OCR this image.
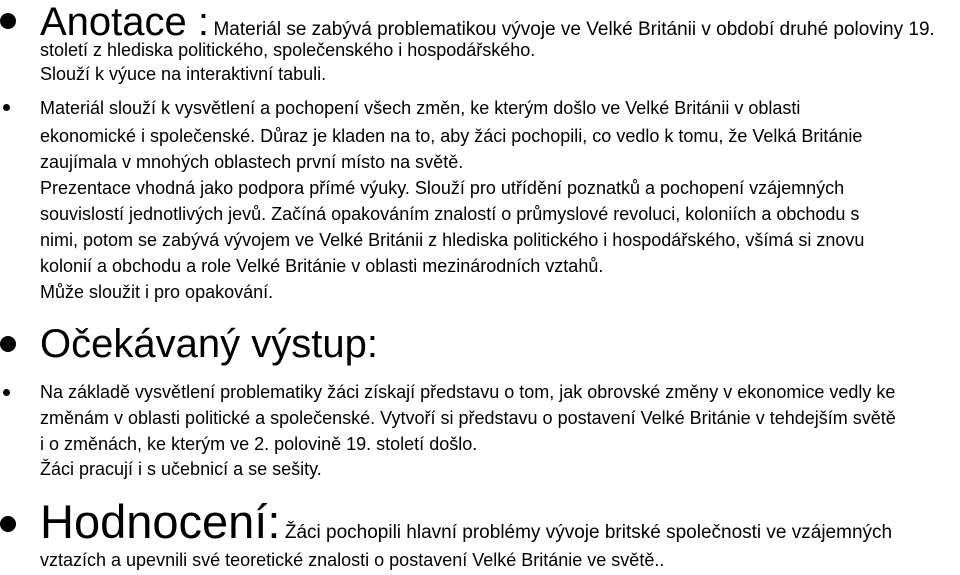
Anotace : Materiál se zabývá problematikou vývoje ve Velké Británii v období druhé poloviny 19.
století z hlediska politického, společenského i hospodářského.
Slouží k výuce na interaktivní tabuli.
Materiál slouží k vysvětlení a pochopení všech změn, ke kterým došlo ve Velké Británii v oblasti
ekonomické i společenské. Důraz je kladen na to, aby žáci pochopili, co vedlo k tomu, že Velká Británie
zaujímala v mnohých oblastech první místo na světě.
Prezentace vhodná jako podpora přímé výuky. Slouží pro utřídění poznatků a pochopení vzájemných
souvislostí jednotlivých jevů. Začíná opakováním znalostí o průmyslové revoluci, koloniích a obchodu s
nimi, potom se zabývá vývojem ve Velké Británii z hlediska politického i hospodářského, všímá si znovu
kolonií a obchodu a role Velké Británie v oblasti mezinárodních vztahů.
Může sloužit i pro opakování.
Očekávaný výstup:
Na základě vysvětlení problematiky žáci získají představu o tom, jak obrovské změny v ekonomice vedly ke
změnám v oblasti politické a společenské. Vytvoří si představu o postavení Velké Británie v tehdejším světě
i o změnách, ke kterým ve 2. polovině 19. století došlo.
Žáci pracují i s učebnicí a se sešity.
Hodnocení: Žáci pochopili hlavní problémy vývoje britské společnosti ve vzájemných
vztazích a upevnili své teoretické znalosti o postavení Velké Británie ve světě..
